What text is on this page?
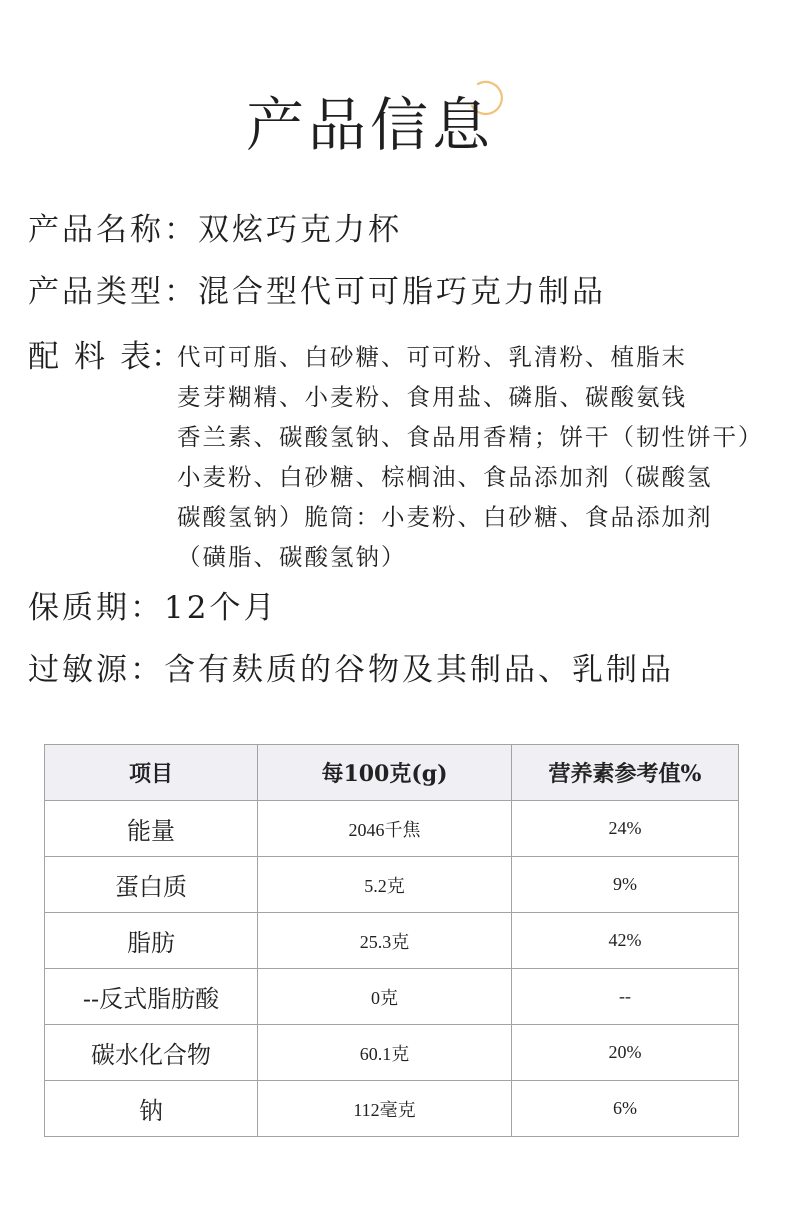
产品信息
产品名称：双炫巧克力杯
产品类型：混合型代可可脂巧克力制品
配 料 表：
代可可脂、白砂糖、可可粉、乳清粉、植脂末
麦芽糊精、小麦粉、食用盐、磷脂、碳酸氨钱
香兰素、碳酸氢钠、食品用香精；饼干（韧性饼干）
小麦粉、白砂糖、棕榈油、食品添加剂（碳酸氢
碳酸氢钠）脆筒：小麦粉、白砂糖、食品添加剂
（磺脂、碳酸氢钠）
保质期：12个月
过敏源：含有麸质的谷物及其制品、乳制品
项目	每100克(g)	营养素参考值%
能量	2046千焦	24%
蛋白质	5.2克	9%
脂肪	25.3克	42%
--反式脂肪酸	0克	--
碳水化合物	60.1克	20%
钠	112毫克	6%
